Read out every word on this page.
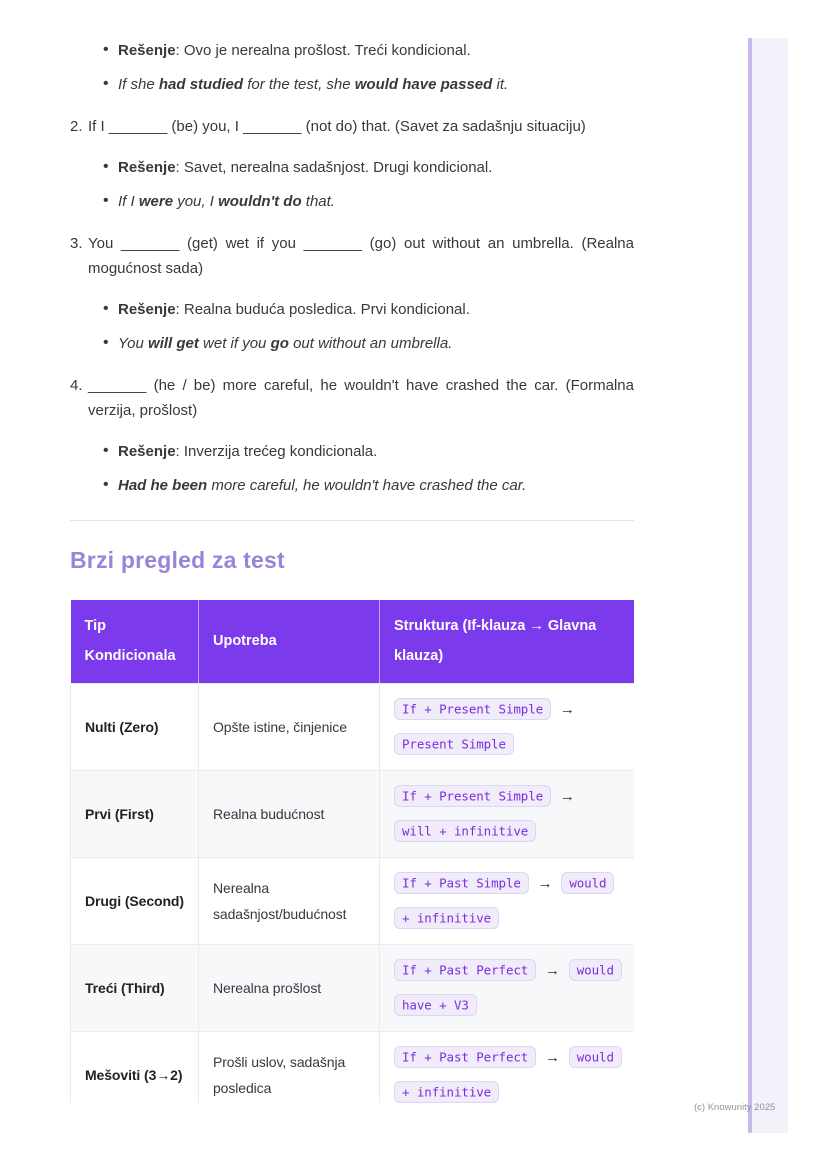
• Rešenje: Ovo je nerealna prošlost. Treći kondicional.
• If she had studied for the test, she would have passed it.
2. If I _______ (be) you, I _______ (not do) that. (Savet za sadašnju situaciju)
• Rešenje: Savet, nerealna sadašnjost. Drugi kondicional.
• If I were you, I wouldn't do that.
3. You _______ (get) wet if you _______ (go) out without an umbrella. (Realna mogućnost sada)
• Rešenje: Realna buduća posledica. Prvi kondicional.
• You will get wet if you go out without an umbrella.
4. _______ (he / be) more careful, he wouldn't have crashed the car. (Formalna verzija, prošlost)
• Rešenje: Inverzija trećeg kondicionala.
• Had he been more careful, he wouldn't have crashed the car.
Brzi pregled za test
Tip Kondicionala	Upotreba	Struktura (If-klauza → Glavna klauza)
Nulti (Zero)	Opšte istine, činjenice	If + Present Simple → Present Simple
Prvi (First)	Realna budućnost	If + Present Simple → will + infinitive
Drugi (Second)	Nerealna sadašnjost/budućnost	If + Past Simple → would + infinitive
Treći (Third)	Nerealna prošlost	If + Past Perfect → would have + V3
Mešoviti (3→2)	Prošli uslov, sadašnja posledica	If + Past Perfect → would + infinitive

(c) Knowunity 2025
